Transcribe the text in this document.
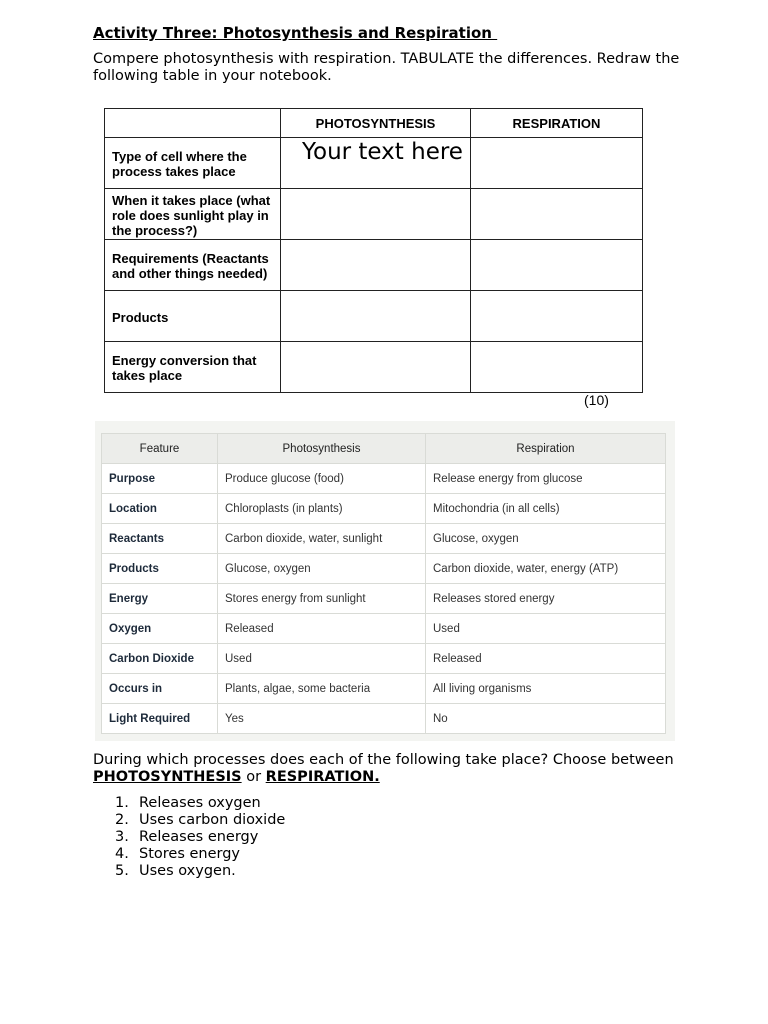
Activity Three: Photosynthesis and Respiration
Compere photosynthesis with respiration. TABULATE the differences. Redraw the following table in your notebook.
	PHOTOSYNTHESIS	RESPIRATION
Type of cell where the process takes place	Your text here	
When it takes place (what role does sunlight play in the process?)		
Requirements (Reactants and other things needed)		
Products		
Energy conversion that takes place		
(10)
Feature	Photosynthesis	Respiration
Purpose	Produce glucose (food)	Release energy from glucose
Location	Chloroplasts (in plants)	Mitochondria (in all cells)
Reactants	Carbon dioxide, water, sunlight	Glucose, oxygen
Products	Glucose, oxygen	Carbon dioxide, water, energy (ATP)
Energy	Stores energy from sunlight	Releases stored energy
Oxygen	Released	Used
Carbon Dioxide	Used	Released
Occurs in	Plants, algae, some bacteria	All living organisms
Light Required	Yes	No
During which processes does each of the following take place? Choose between PHOTOSYNTHESIS or RESPIRATION.
1. Releases oxygen
2. Uses carbon dioxide
3. Releases energy
4. Stores energy
5. Uses oxygen.
